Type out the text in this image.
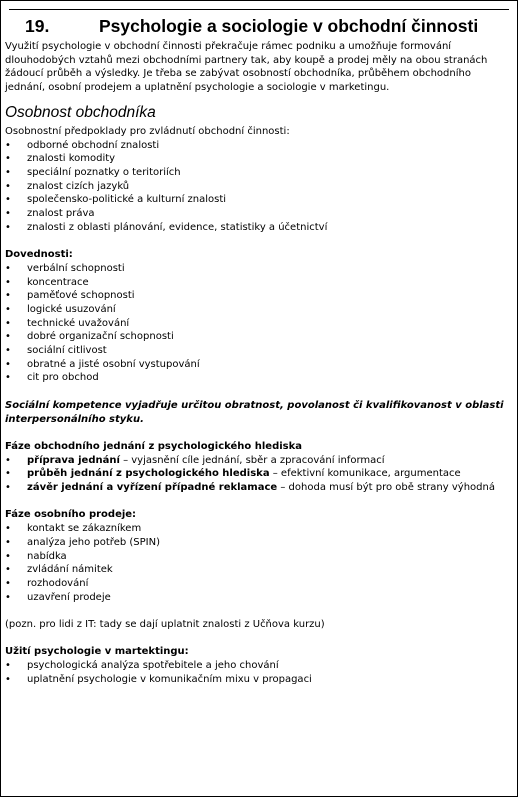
19.	Psychologie a sociologie v obchodní činnosti

Využití psychologie v obchodní činnosti překračuje rámec podniku a umožňuje formování dlouhodobých vztahů mezi obchodními partnery tak, aby koupě a prodej měly na obou stranách žádoucí průběh a výsledky. Je třeba se zabývat osobností obchodníka, průběhem obchodního jednání, osobní prodejem a uplatnění psychologie a sociologie v marketingu.

Osobnost obchodníka

Osobnostní předpoklady pro zvládnutí obchodní činnosti:

• odborné obchodní znalosti
• znalosti komodity
• speciální poznatky o teritoriích
• znalost cizích jazyků
• společensko-politické a kulturní znalosti
• znalost práva
• znalosti z oblasti plánování, evidence, statistiky a účetnictví

Dovednosti:

• verbální schopnosti
• koncentrace
• paměťové schopnosti
• logické usuzování
• technické uvažování
• dobré organizační schopnosti
• sociální citlivost
• obratné a jisté osobní vystupování
• cit pro obchod

Sociální kompetence vyjadřuje určitou obratnost, povolanost či kvalifikovanost v oblasti interpersonálního styku.

Fáze obchodního jednání z psychologického hlediska

• příprava jednání – vyjasnění cíle jednání, sběr a zpracování informací
• průběh jednání z psychologického hlediska – efektivní komunikace, argumentace
• závěr jednání a vyřízení případné reklamace – dohoda musí být pro obě strany výhodná

Fáze osobního prodeje:

• kontakt se zákazníkem
• analýza jeho potřeb (SPIN)
• nabídka
• zvládání námitek
• rozhodování
• uzavření prodeje

(pozn. pro lidi z IT: tady se dají uplatnit znalosti z Učňova kurzu)

Užití psychologie v martektingu:

• psychologická analýza spotřebitele a jeho chování
• uplatnění psychologie v komunikačním mixu v propagaci
